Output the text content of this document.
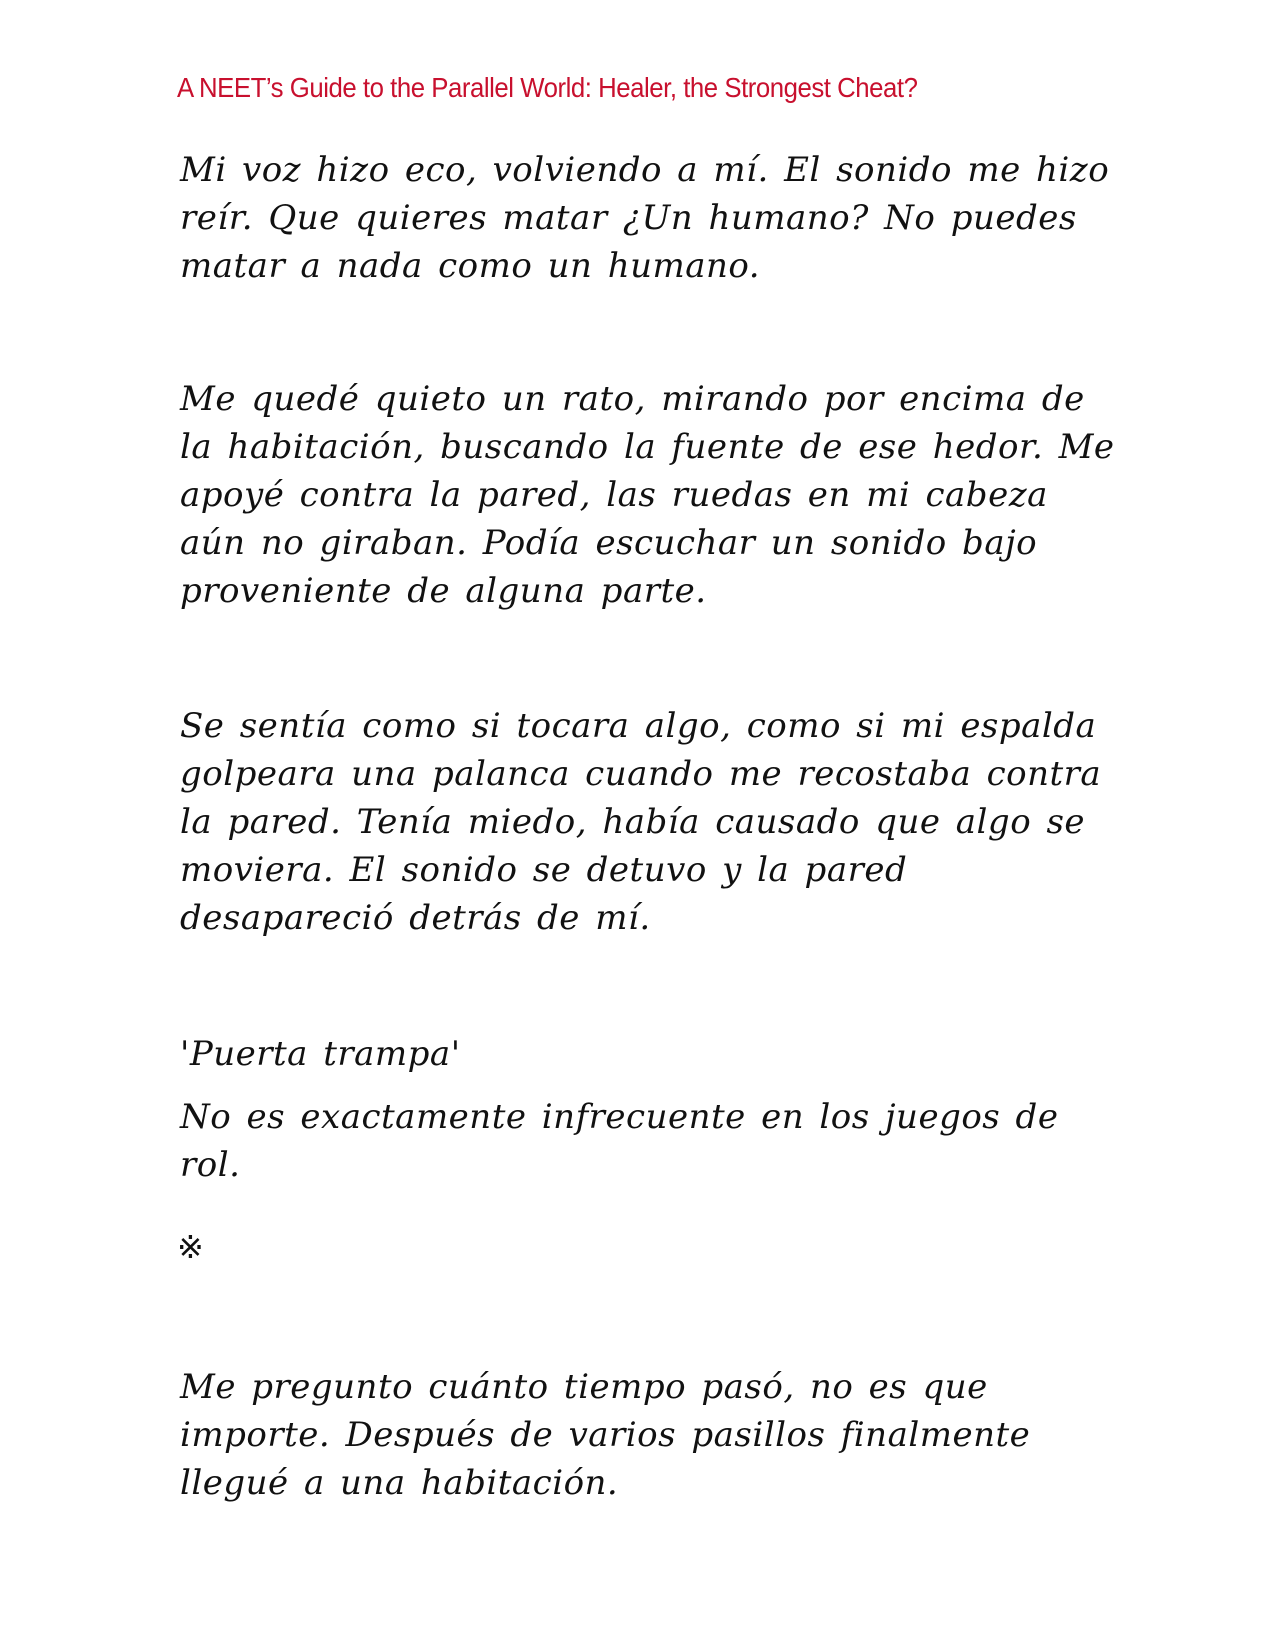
A NEET’s Guide to the Parallel World: Healer, the Strongest Cheat?

Mi voz hizo eco, volviendo a mí. El sonido me hizo reír. Que quieres matar ¿Un humano? No puedes matar a nada como un humano.

Me quedé quieto un rato, mirando por encima de la habitación, buscando la fuente de ese hedor. Me apoyé contra la pared, las ruedas en mi cabeza aún no giraban. Podía escuchar un sonido bajo proveniente de alguna parte.

Se sentía como si tocara algo, como si mi espalda golpeara una palanca cuando me recostaba contra la pared. Tenía miedo, había causado que algo se moviera. El sonido se detuvo y la pared desapareció detrás de mí.

'Puerta trampa'

No es exactamente infrecuente en los juegos de rol.

※

Me pregunto cuánto tiempo pasó, no es que importe. Después de varios pasillos finalmente llegué a una habitación.
